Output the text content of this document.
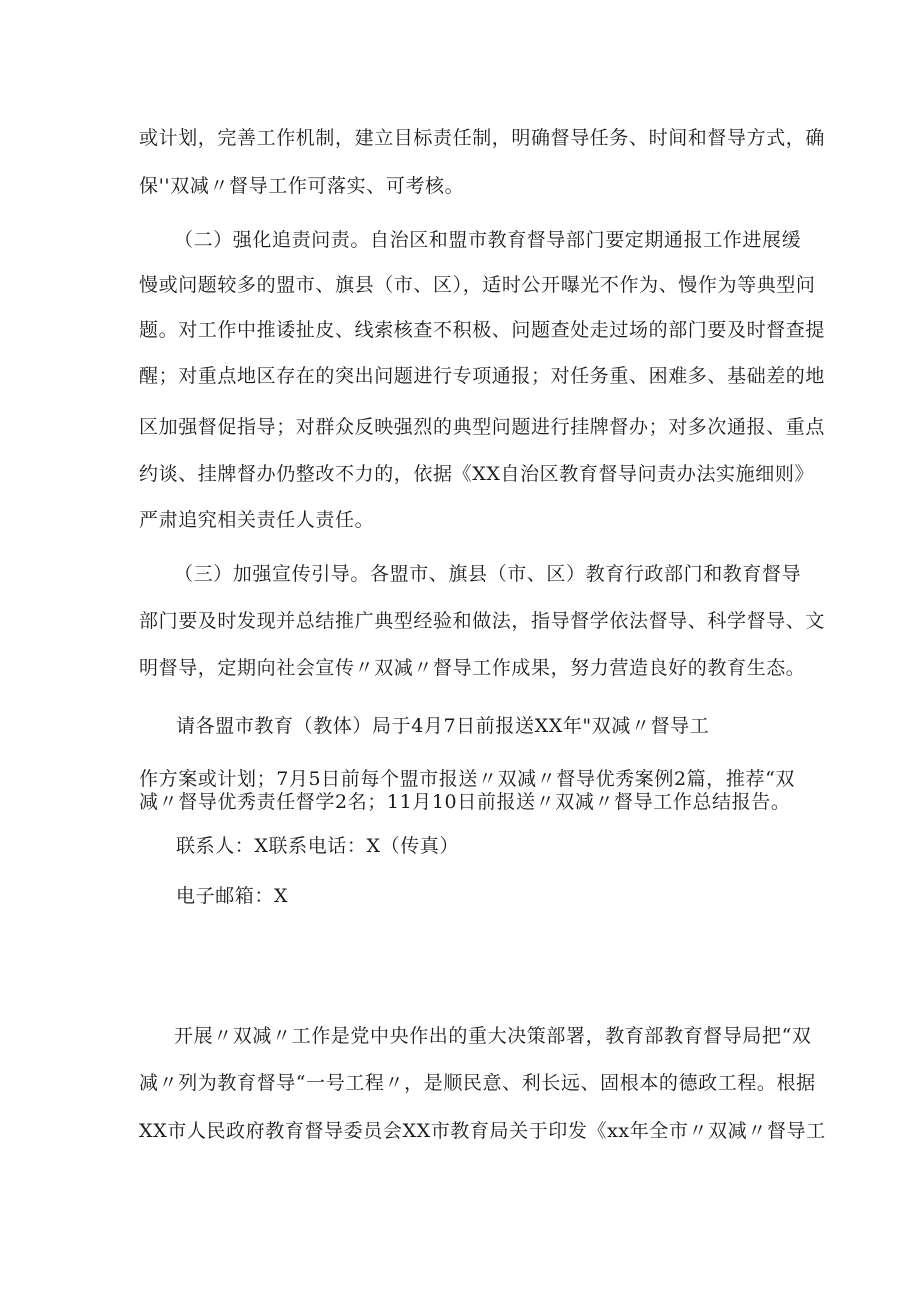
或计划，完善工作机制，建立目标责任制，明确督导任务、时间和督导方式，确
保''双减〃督导工作可落实、可考核。
（二）强化追责问责。自治区和盟市教育督导部门要定期通报工作进展缓
慢或问题较多的盟市、旗县（市、区），适时公开曝光不作为、慢作为等典型问
题。对工作中推诿扯皮、线索核查不积极、问题查处走过场的部门要及时督查提
醒；对重点地区存在的突出问题进行专项通报；对任务重、困难多、基础差的地
区加强督促指导；对群众反映强烈的典型问题进行挂牌督办；对多次通报、重点
约谈、挂牌督办仍整改不力的，依据《XX自治区教育督导问责办法实施细则》
严肃追究相关责任人责任。
（三）加强宣传引导。各盟市、旗县（市、区）教育行政部门和教育督导
部门要及时发现并总结推广典型经验和做法，指导督学依法督导、科学督导、文
明督导，定期向社会宣传〃双减〃督导工作成果，努力营造良好的教育生态。
请各盟市教育（教体）局于4月7日前报送XX年"双减〃督导工
作方案或计划；7月5日前每个盟市报送〃双减〃督导优秀案例2篇，推荐“双
减〃督导优秀责任督学2名；11月10日前报送〃双减〃督导工作总结报告。
联系人：X联系电话：X（传真）
电子邮箱：X
开展〃双减〃工作是党中央作出的重大决策部署，教育部教育督导局把“双
减〃列为教育督导“一号工程〃，是顺民意、利长远、固根本的德政工程。根据
XX市人民政府教育督导委员会XX市教育局关于印发《xx年全市〃双减〃督导工
